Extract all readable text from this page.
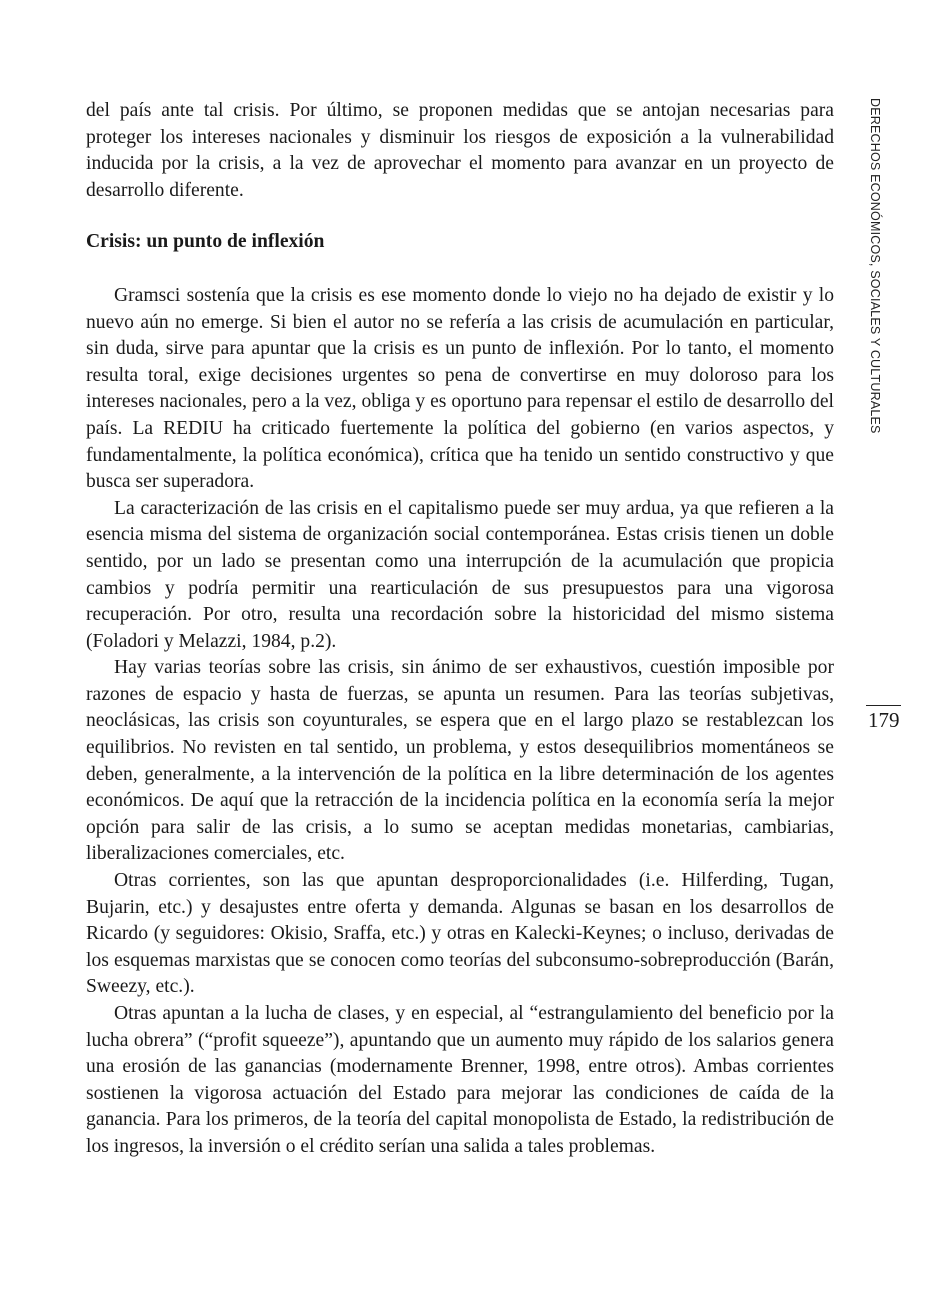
del país ante tal crisis. Por último, se proponen medidas que se antojan necesarias para proteger los intereses nacionales y disminuir los riesgos de exposición a la vulnerabilidad inducida por la crisis, a la vez de aprovechar el momento para avanzar en un proyecto de desarrollo diferente.

Crisis: un punto de inflexión

Gramsci sostenía que la crisis es ese momento donde lo viejo no ha dejado de existir y lo nuevo aún no emerge. Si bien el autor no se refería a las crisis de acumulación en particular, sin duda, sirve para apuntar que la crisis es un punto de inflexión. Por lo tanto, el momento resulta toral, exige decisiones urgentes so pena de convertirse en muy doloroso para los intereses nacionales, pero a la vez, obliga y es oportuno para repensar el estilo de desarrollo del país. La REDIU ha criticado fuertemente la política del gobierno (en varios aspectos, y fundamentalmente, la política económica), crítica que ha tenido un sentido constructivo y que busca ser superadora.

La caracterización de las crisis en el capitalismo puede ser muy ardua, ya que refieren a la esencia misma del sistema de organización social contemporánea. Estas crisis tienen un doble sentido, por un lado se presentan como una interrupción de la acumulación que propicia cambios y podría permitir una rearticulación de sus presupuestos para una vigorosa recuperación. Por otro, resulta una recordación sobre la historicidad del mismo sistema (Foladori y Melazzi, 1984, p.2).

Hay varias teorías sobre las crisis, sin ánimo de ser exhaustivos, cuestión imposible por razones de espacio y hasta de fuerzas, se apunta un resumen. Para las teorías subjetivas, neoclásicas, las crisis son coyunturales, se espera que en el largo plazo se restablezcan los equilibrios. No revisten en tal sentido, un problema, y estos desequilibrios momentáneos se deben, generalmente, a la intervención de la política en la libre determinación de los agentes económicos. De aquí que la retracción de la incidencia política en la economía sería la mejor opción para salir de las crisis, a lo sumo se aceptan medidas monetarias, cambiarias, liberalizaciones comerciales, etc.

Otras corrientes, son las que apuntan desproporcionalidades (i.e. Hilferding, Tugan, Bujarin, etc.) y desajustes entre oferta y demanda. Algunas se basan en los desarrollos de Ricardo (y seguidores: Okisio, Sraffa, etc.) y otras en Kalecki-Keynes; o incluso, derivadas de los esquemas marxistas que se conocen como teorías del subconsumo-sobreproducción (Barán, Sweezy, etc.).

Otras apuntan a la lucha de clases, y en especial, al “estrangulamiento del beneficio por la lucha obrera” (“profit squeeze”), apuntando que un aumento muy rápido de los salarios genera una erosión de las ganancias (modernamente Brenner, 1998, entre otros). Ambas corrientes sostienen la vigorosa actuación del Estado para mejorar las condiciones de caída de la ganancia. Para los primeros, de la teoría del capital monopolista de Estado, la redistribución de los ingresos, la inversión o el crédito serían una salida a tales problemas.

DERECHOS ECONÓMICOS, SOCIALES Y CULTURALES
179
